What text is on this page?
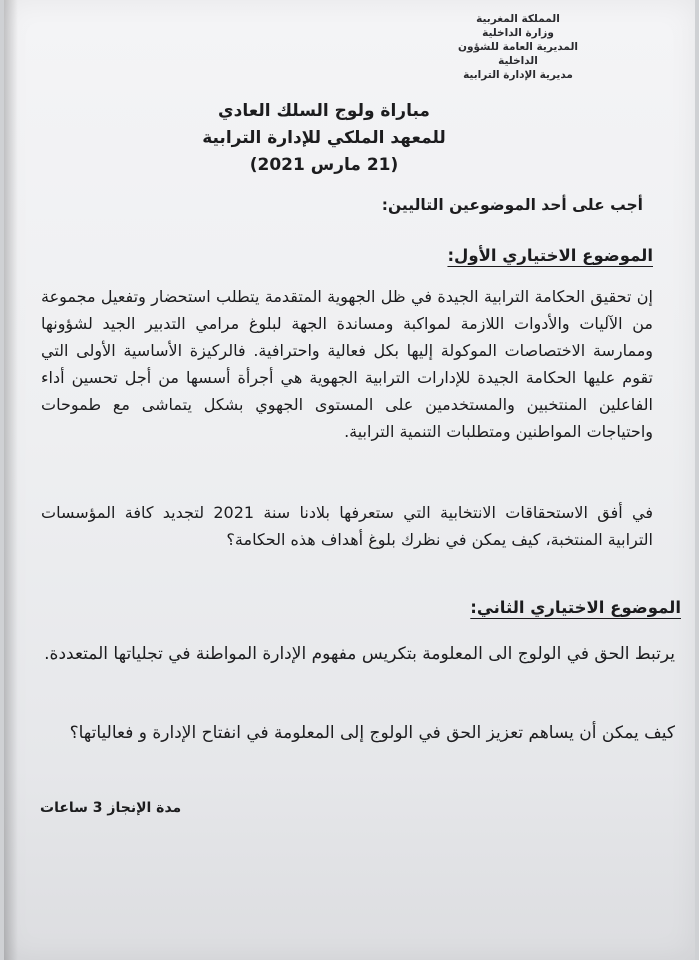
المملكة المغربية
وزارة الداخلية
المديرية العامة للشؤون الداخلية
مديرية الإدارة الترابية
مباراة ولوج السلك العادي
للمعهد الملكي للإدارة الترابية
(21 مارس 2021)
أجب على أحد الموضوعين التاليين:
الموضوع الاختياري الأول:

إن تحقيق الحكامة الترابية الجيدة في ظل الجهوية المتقدمة يتطلب استحضار وتفعيل مجموعة من الآليات والأدوات اللازمة لمواكبة ومساندة الجهة لبلوغ مرامي التدبير الجيد لشؤونها وممارسة الاختصاصات الموكولة إليها بكل فعالية واحترافية. فالركيزة الأساسية الأولى التي تقوم عليها الحكامة الجيدة للإدارات الترابية الجهوية هي أجرأة أسسها من أجل تحسين أداء الفاعلين المنتخبين والمستخدمين على المستوى الجهوي بشكل يتماشى مع طموحات واحتياجات المواطنين ومتطلبات التنمية الترابية.

في أفق الاستحقاقات الانتخابية التي ستعرفها بلادنا سنة 2021 لتجديد كافة المؤسسات الترابية المنتخبة، كيف يمكن في نظرك بلوغ أهداف هذه الحكامة؟

الموضوع الاختياري الثاني:

يرتبط الحق في الولوج الى المعلومة بتكريس مفهوم الإدارة المواطنة في تجلياتها المتعددة.

كيف يمكن أن يساهم تعزيز الحق في الولوج إلى المعلومة في انفتاح الإدارة و فعالياتها؟

مدة الإنجاز 3 ساعات
